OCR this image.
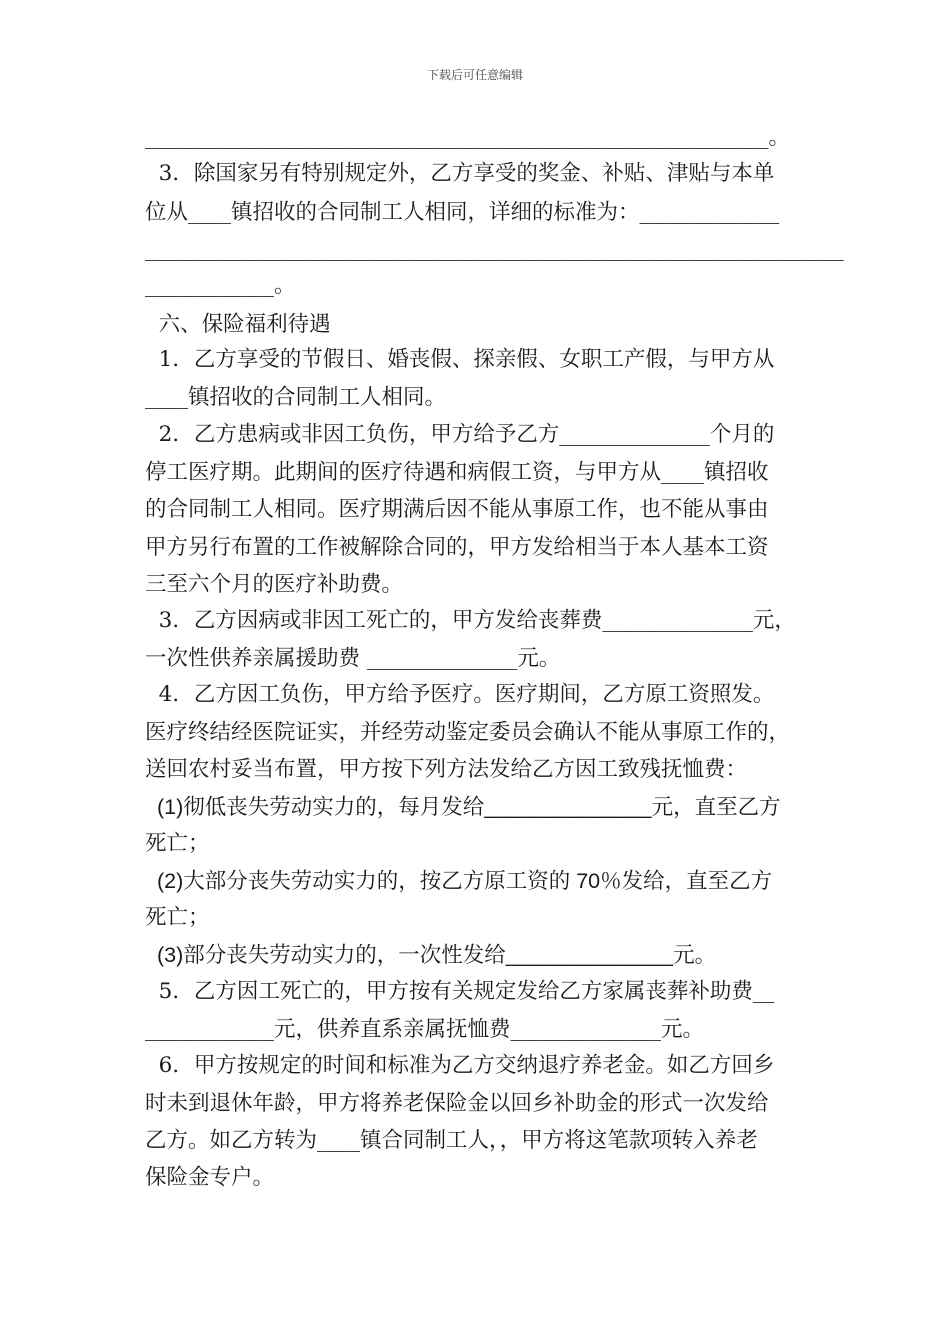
下载后可任意编辑
__________________________________________________________。
3．除国家另有特别规定外，乙方享受的奖金、补贴、津贴与本单
位从____镇招收的合同制工人相同，详细的标准为：_____________
_________________________________________________________________
____________。
六、保险福利待遇
1．乙方享受的节假日、婚丧假、探亲假、女职工产假，与甲方从
____镇招收的合同制工人相同。
2．乙方患病或非因工负伤，甲方给予乙方______________个月的
停工医疗期。此期间的医疗待遇和病假工资，与甲方从____镇招收
的合同制工人相同。医疗期满后因不能从事原工作，也不能从事由
甲方另行布置的工作被解除合同的，甲方发给相当于本人基本工资
三至六个月的医疗补助费。
3．乙方因病或非因工死亡的，甲方发给丧葬费______________元，
一次性供养亲属援助费 ______________元。
4．乙方因工负伤，甲方给予医疗。医疗期间，乙方原工资照发。
医疗终结经医院证实，并经劳动鉴定委员会确认不能从事原工作的，
送回农村妥当布置，甲方按下列方法发给乙方因工致残抚恤费：
(1)彻低丧失劳动实力的，每月发给______________元，直至乙方
死亡；
(2)大部分丧失劳动实力的，按乙方原工资的 70％发给，直至乙方
死亡；
(3)部分丧失劳动实力的，一次性发给______________元。
5．乙方因工死亡的，甲方按有关规定发给乙方家属丧葬补助费__
____________元，供养直系亲属抚恤费______________元。
6．甲方按规定的时间和标准为乙方交纳退疗养老金。如乙方回乡
时未到退休年龄，甲方将养老保险金以回乡补助金的形式一次发给
乙方。如乙方转为____镇合同制工人，，甲方将这笔款项转入养老
保险金专户。
